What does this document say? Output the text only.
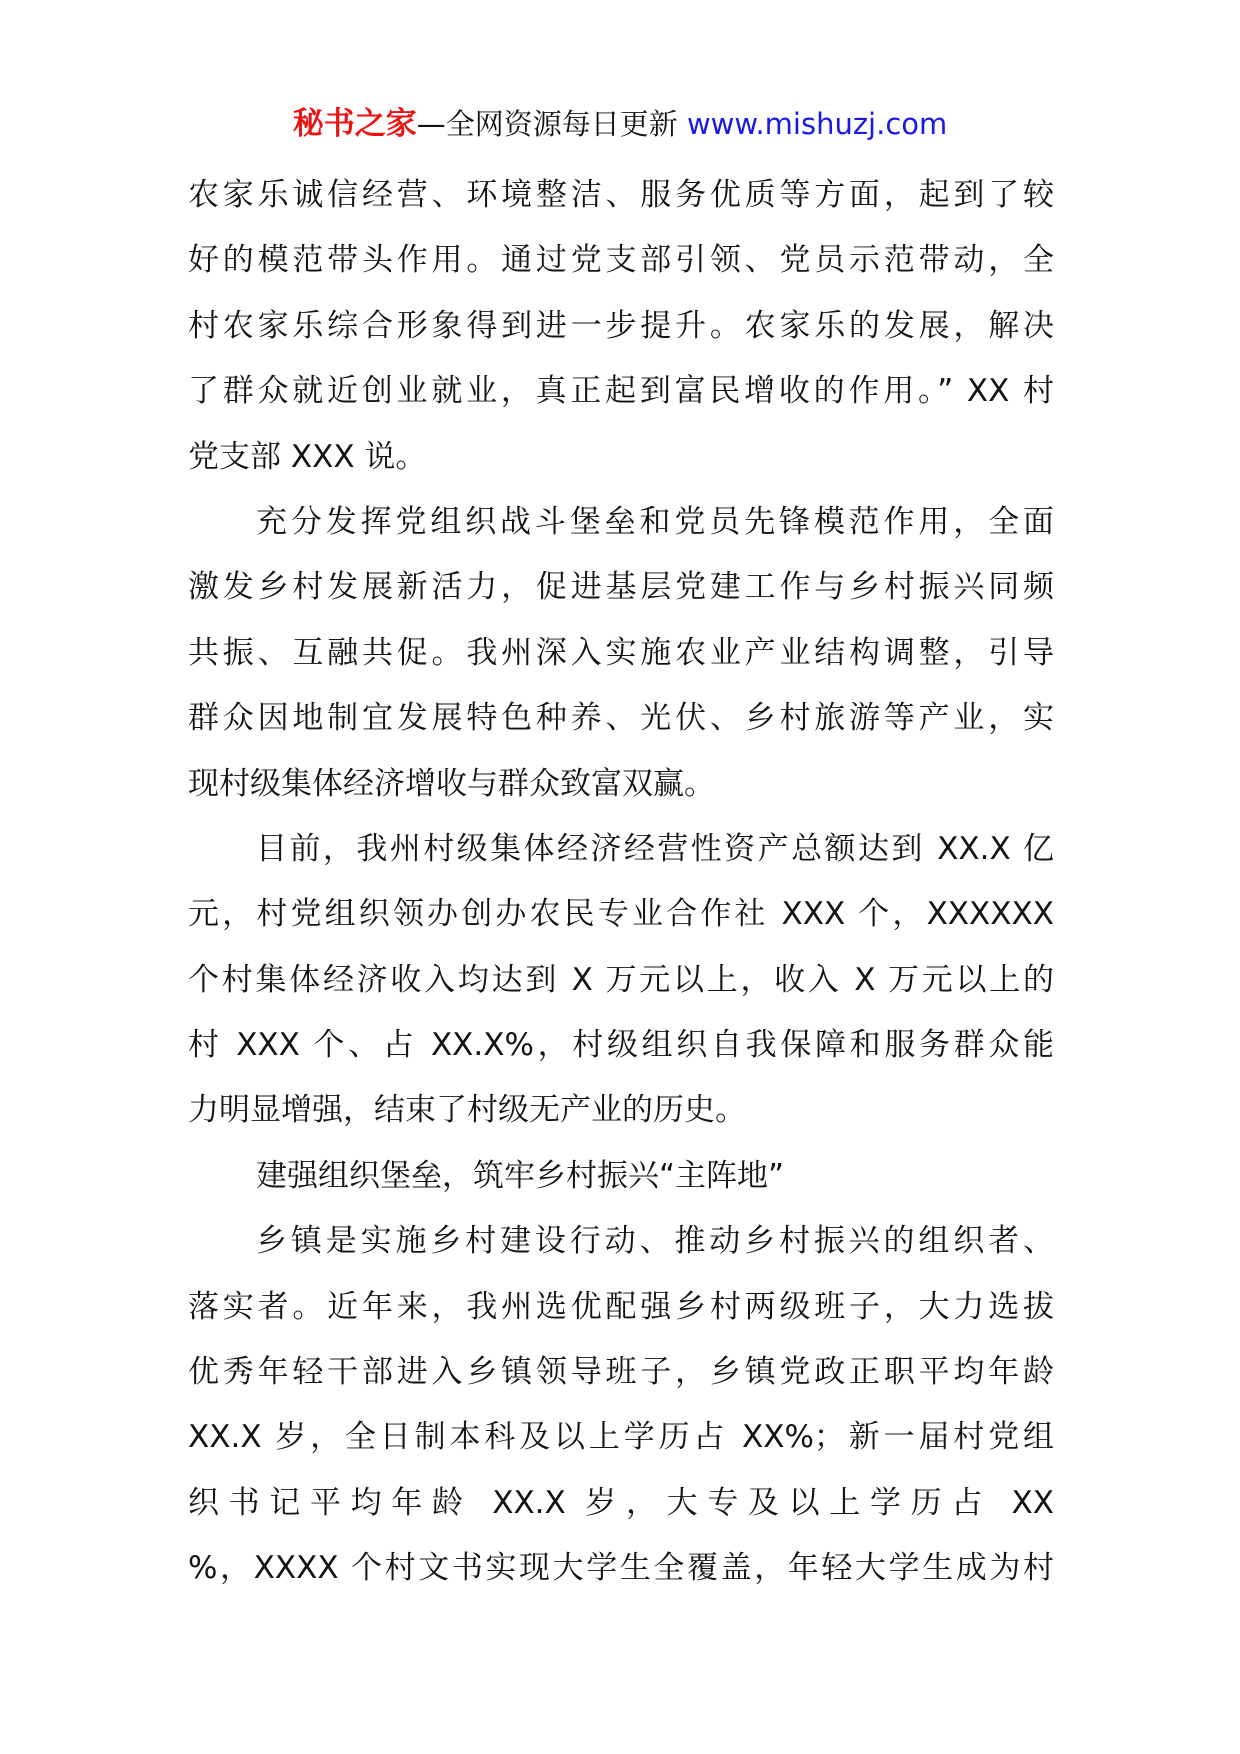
秘书之家—全网资源每日更新 www.mishuzj.com
农家乐诚信经营、环境整洁、服务优质等方面，起到了较
好的模范带头作用。通过党支部引领、党员示范带动，全
村农家乐综合形象得到进一步提升。农家乐的发展，解决
了群众就近创业就业，真正起到富民增收的作用。” XX 村
党支部 XXX 说。
充分发挥党组织战斗堡垒和党员先锋模范作用，全面
激发乡村发展新活力，促进基层党建工作与乡村振兴同频
共振、互融共促。我州深入实施农业产业结构调整，引导
群众因地制宜发展特色种养、光伏、乡村旅游等产业，实
现村级集体经济增收与群众致富双赢。
目前，我州村级集体经济经营性资产总额达到 XX.X 亿
元，村党组织领办创办农民专业合作社 XXX 个，XXXXXX
个村集体经济收入均达到 X 万元以上，收入 X 万元以上的
村 XXX 个、占 XX.X%，村级组织自我保障和服务群众能
力明显增强，结束了村级无产业的历史。
建强组织堡垒，筑牢乡村振兴“主阵地”
乡镇是实施乡村建设行动、推动乡村振兴的组织者、
落实者。近年来，我州选优配强乡村两级班子，大力选拔
优秀年轻干部进入乡镇领导班子，乡镇党政正职平均年龄
XX.X 岁，全日制本科及以上学历占 XX%；新一届村党组
织书记平均年龄 XX.X 岁，大专及以上学历占 XX
%，XXXX 个村文书实现大学生全覆盖，年轻大学生成为村
